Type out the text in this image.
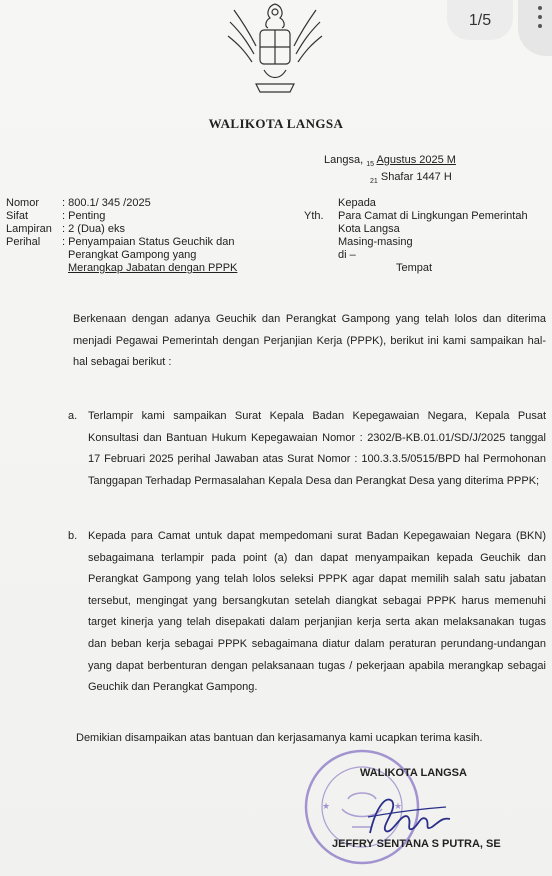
1/5
WALIKOTA LANGSA
Langsa, $_{15}$ Agustus 2025 M
$_{21}$ Shafar 1447 H
Nomor	: 800.1/ 345 /2025
Sifat	: Penting
Lampiran : 2 (Dua) eks
Perihal	: Penyampaian Status Geuchik dan
Perangkat Gampong yang
Merangkap Jabatan dengan PPPK
Kepada
Yth.	Para Camat di Lingkungan Pemerintah
Kota Langsa
Masing-masing
di –
Tempat
Berkenaan dengan adanya Geuchik dan Perangkat Gampong yang telah lolos dan diterima menjadi Pegawai Pemerintah dengan Perjanjian Kerja (PPPK), berikut ini kami sampaikan hal-hal sebagai berikut :
a. Terlampir kami sampaikan Surat Kepala Badan Kepegawaian Negara, Kepala Pusat Konsultasi dan Bantuan Hukum Kepegawaian Nomor : 2302/B-KB.01.01/SD/J/2025 tanggal 17 Februari 2025 perihal Jawaban atas Surat Nomor : 100.3.3.5/0515/BPD hal Permohonan Tanggapan Terhadap Permasalahan Kepala Desa dan Perangkat Desa yang diterima PPPK;
b. Kepada para Camat untuk dapat mempedomani surat Badan Kepegawaian Negara (BKN) sebagaimana terlampir pada point (a) dan dapat menyampaikan kepada Geuchik dan Perangkat Gampong yang telah lolos seleksi PPPK agar dapat memilih salah satu jabatan tersebut, mengingat yang bersangkutan setelah diangkat sebagai PPPK harus memenuhi target kinerja yang telah disepakati dalam perjanjian kerja serta akan melaksanakan tugas dan beban kerja sebagai PPPK sebagaimana diatur dalam peraturan perundang-undangan yang dapat berbenturan dengan pelaksanaan tugas / pekerjaan apabila merangkap sebagai Geuchik dan Perangkat Gampong.
Demikian disampaikan atas bantuan dan kerjasamanya kami ucapkan terima kasih.
★	★
WALIKOTA LANGSA
JEFFRY SENTANA S PUTRA, SE
